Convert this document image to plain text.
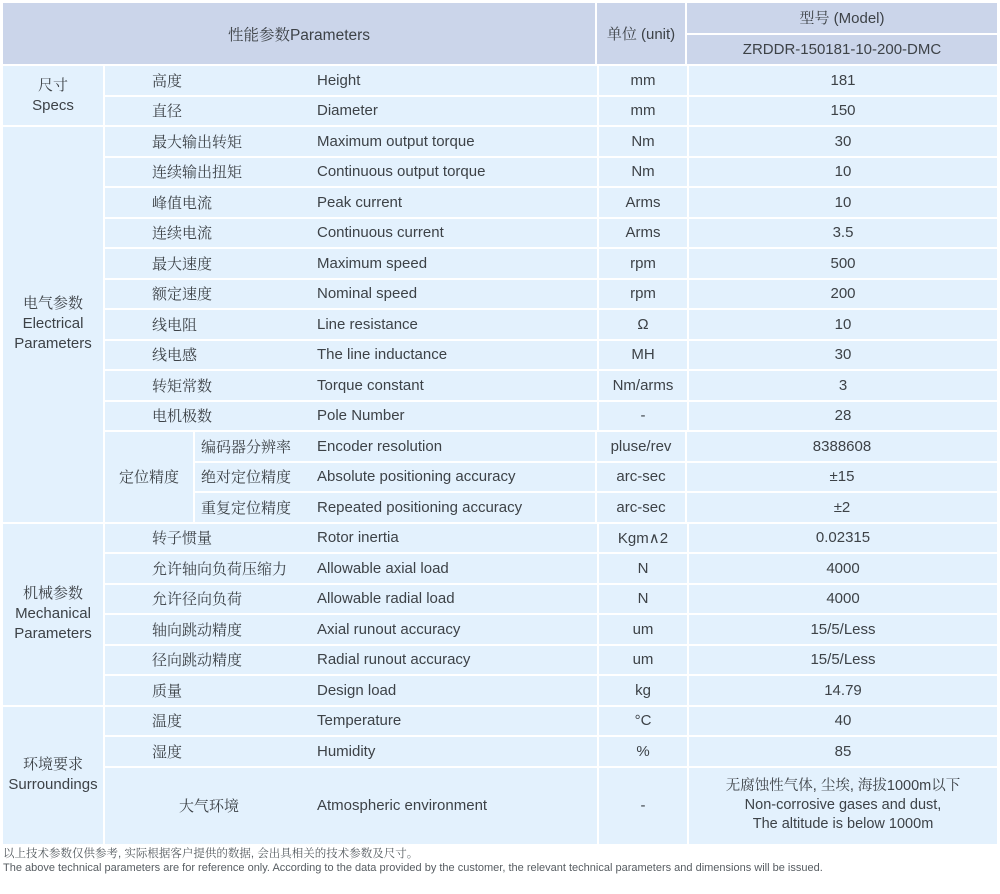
性能参数Parameters	单位 (unit)
型号 (Model)
ZRDDR-150181-10-200-DMC
尺寸
Specs
高度	Height	mm	181
直径	Diameter	mm	150
电气参数
Electrical
Parameters
最大输出转矩	Maximum output torque	Nm	30
连续输出扭矩	Continuous output torque	Nm	10
峰值电流	Peak current	Arms	10
连续电流	Continuous current	Arms	3.5
最大速度	Maximum speed	rpm	500
额定速度	Nominal speed	rpm	200
线电阻	Line resistance	Ω	10
线电感	The line inductance	MH	30
转矩常数	Torque constant	Nm/arms	3
电机极数	Pole Number	-	28
定位精度
编码器分辨率	Encoder resolution	pluse/rev	8388608
绝对定位精度	Absolute positioning accuracy	arc-sec	±15
重复定位精度	Repeated positioning accuracy	arc-sec	±2
机械参数
Mechanical
Parameters
转子惯量	Rotor inertia	Kgm∧2	0.02315
允许轴向负荷压缩力	Allowable axial load	N	4000
允许径向负荷	Allowable radial load	N	4000
轴向跳动精度	Axial runout accuracy	um	15/5/Less
径向跳动精度	Radial runout accuracy	um	15/5/Less
质量	Design load	kg	14.79
环境要求
Surroundings
温度	Temperature	°C	40
湿度	Humidity	%	85
大气环境	Atmospheric environment	-
无腐蚀性气体, 尘埃, 海拔1000m以下
Non-corrosive gases and dust,
The altitude is below 1000m
以上技术参数仅供参考, 实际根据客户提供的数据, 会出具相关的技术参数及尺寸。
The above technical parameters are for reference only. According to the data provided by the customer, the relevant technical parameters and dimensions will be issued.
